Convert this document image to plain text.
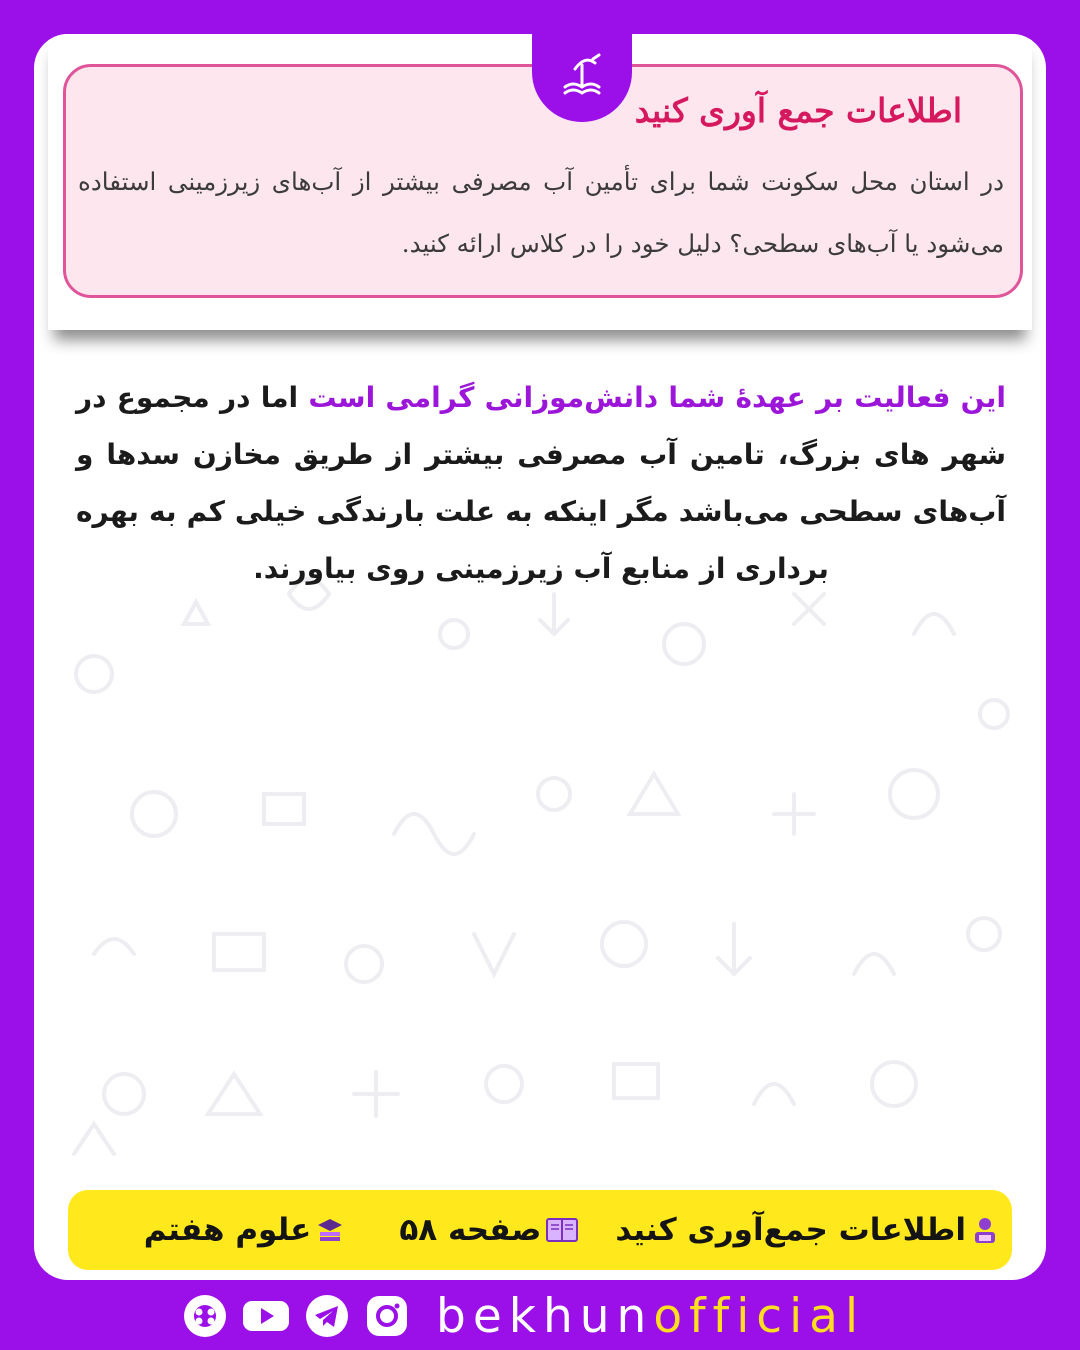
اطلاعات جمع آوری کنید

در استان محل سکونت شما برای تأمین آب مصرفی بیشتر از آب‌های زیرزمینی استفاده می‌شود یا آب‌های سطحی؟ دلیل خود را در کلاس ارائه کنید.

این فعالیت بر عهدهٔ شما دانش‌موزانی گرامی است اما در مجموع در شهر های بزرگ، تامین آب مصرفی بیشتر از طریق مخازن سدها و آب‌های سطحی می‌باشد مگر اینکه به علت بارندگی خیلی کم به بهره برداری از منابع آب زیرزمینی روی بیاورند.

اطلاعات جمع‌آوری کنید
صفحه ۵۸
علوم هفتم
bekhunofficial
